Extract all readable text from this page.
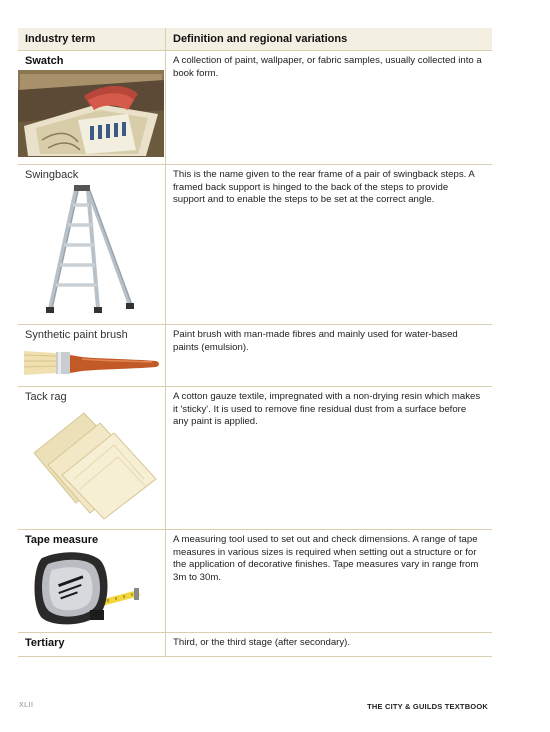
Industry term	Definition and regional variations
Swatch	A collection of paint, wallpaper, or fabric samples, usually collected into a book form.
Swingback	This is the name given to the rear frame of a pair of swingback steps. A framed back support is hinged to the back of the steps to provide support and to enable the steps to be set at the correct angle.
Synthetic paint brush	Paint brush with man-made fibres and mainly used for water-based paints (emulsion).
Tack rag	A cotton gauze textile, impregnated with a non-drying resin which makes it 'sticky'. It is used to remove fine residual dust from a surface before any paint is applied.
Tape measure	A measuring tool used to set out and check dimensions. A range of tape measures in various sizes is required when setting out a structure or for the application of decorative finishes. Tape measures vary in range from 3m to 30m.
Tertiary	Third, or the third stage (after secondary).
XLII	THE CITY & GUILDS TEXTBOOK
